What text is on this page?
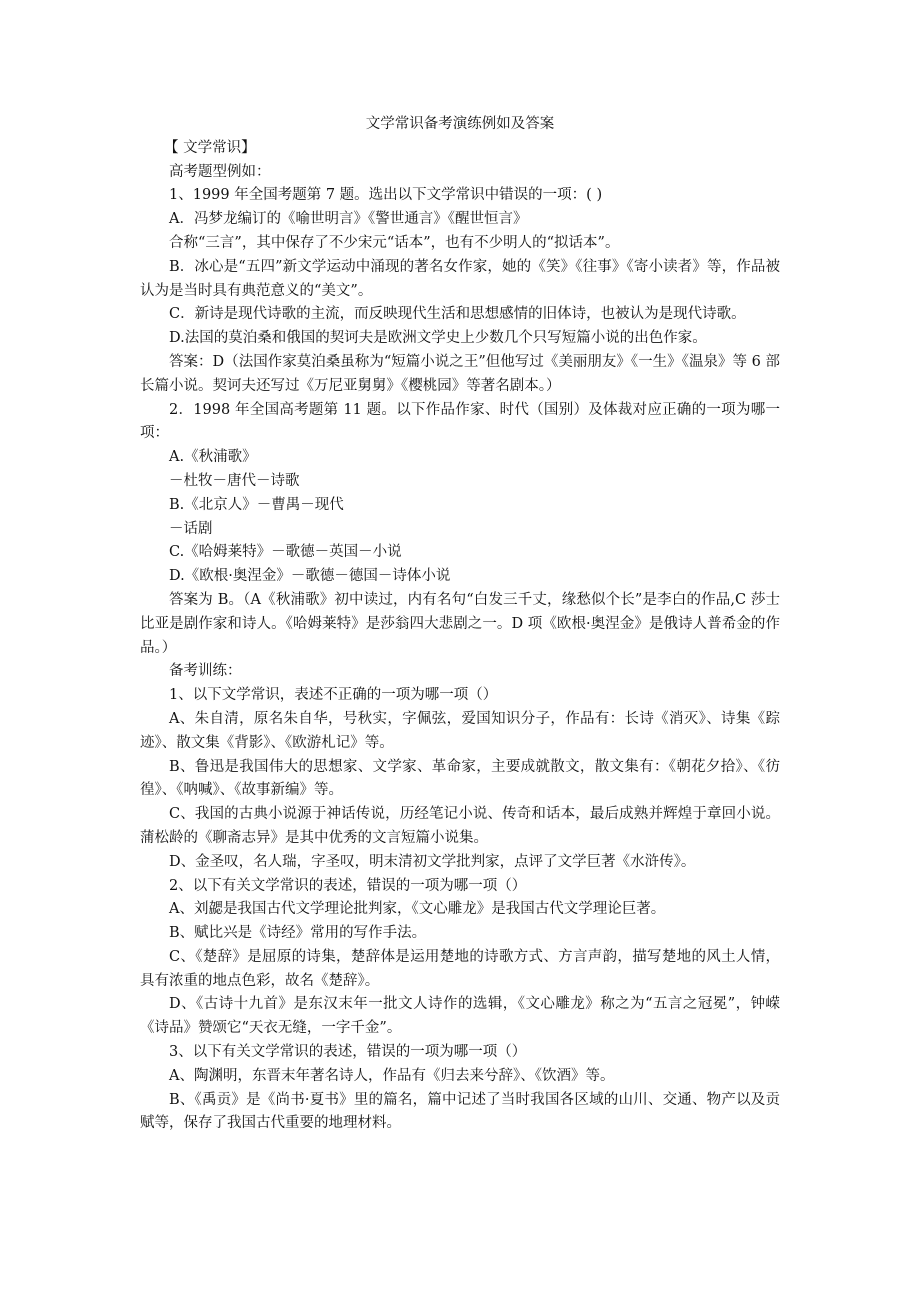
文学常识备考演练例如及答案

【 文学常识】

高考题型例如：

1、1999 年全国考题第 7 题。选出以下文学常识中错误的一项：( )

A．冯梦龙编订的《喻世明言》《警世通言》《醒世恒言》

合称“三言”，其中保存了不少宋元“话本”，也有不少明人的“拟话本”。

B．冰心是“五四”新文学运动中涌现的著名女作家，她的《笑》《往事》《寄小读者》等，作品被认为是当时具有典范意义的“美文”。

C．新诗是现代诗歌的主流，而反映现代生活和思想感情的旧体诗，也被认为是现代诗歌。

D.法国的莫泊桑和俄国的契诃夫是欧洲文学史上少数几个只写短篇小说的出色作家。

答案：D（法国作家莫泊桑虽称为“短篇小说之王”但他写过《美丽朋友》《一生》《温泉》等 6 部长篇小说。契诃夫还写过《万尼亚舅舅》《樱桃园》等著名剧本。）

2．1998 年全国高考题第 11 题。以下作品作家、时代（国别）及体裁对应正确的一项为哪一项：

A.《秋浦歌》

－杜牧－唐代－诗歌

B.《北京人》－曹禺－现代

－话剧

C.《哈姆莱特》－歌德－英国－小说

D.《欧根·奥涅金》－歌德－德国－诗体小说

答案为 B。（A《秋浦歌》初中读过，内有名句“白发三千丈，缘愁似个长”是李白的作品,C 莎士比亚是剧作家和诗人。《哈姆莱特》是莎翁四大悲剧之一。D 项《欧根·奥涅金》是俄诗人普希金的作品。）

备考训练：

1、以下文学常识，表述不正确的一项为哪一项（）

A、朱自清，原名朱自华，号秋实，字佩弦，爱国知识分子，作品有：长诗《消灭》、诗集《踪迹》、散文集《背影》、《欧游札记》等。

B、鲁迅是我国伟大的思想家、文学家、革命家，主要成就散文，散文集有：《朝花夕拾》、《彷徨》、《呐喊》、《故事新编》等。

C、我国的古典小说源于神话传说，历经笔记小说、传奇和话本，最后成熟并辉煌于章回小说。蒲松龄的《聊斋志异》是其中优秀的文言短篇小说集。

D、金圣叹，名人瑞，字圣叹，明末清初文学批判家，点评了文学巨著《水浒传》。

2、以下有关文学常识的表述，错误的一项为哪一项（）

A、刘勰是我国古代文学理论批判家，《文心雕龙》是我国古代文学理论巨著。

B、赋比兴是《诗经》常用的写作手法。

C、《楚辞》是屈原的诗集，楚辞体是运用楚地的诗歌方式、方言声韵，描写楚地的风土人情，具有浓重的地点色彩，故名《楚辞》。

D、《古诗十九首》是东汉末年一批文人诗作的选辑，《文心雕龙》称之为“五言之冠冕”，钟嵘《诗品》赞颂它“天衣无缝，一字千金”。

3、以下有关文学常识的表述，错误的一项为哪一项（）

A、陶渊明，东晋末年著名诗人，作品有《归去来兮辞》、《饮酒》等。

B、《禹贡》是《尚书·夏书》里的篇名，篇中记述了当时我国各区域的山川、交通、物产以及贡赋等，保存了我国古代重要的地理材料。
